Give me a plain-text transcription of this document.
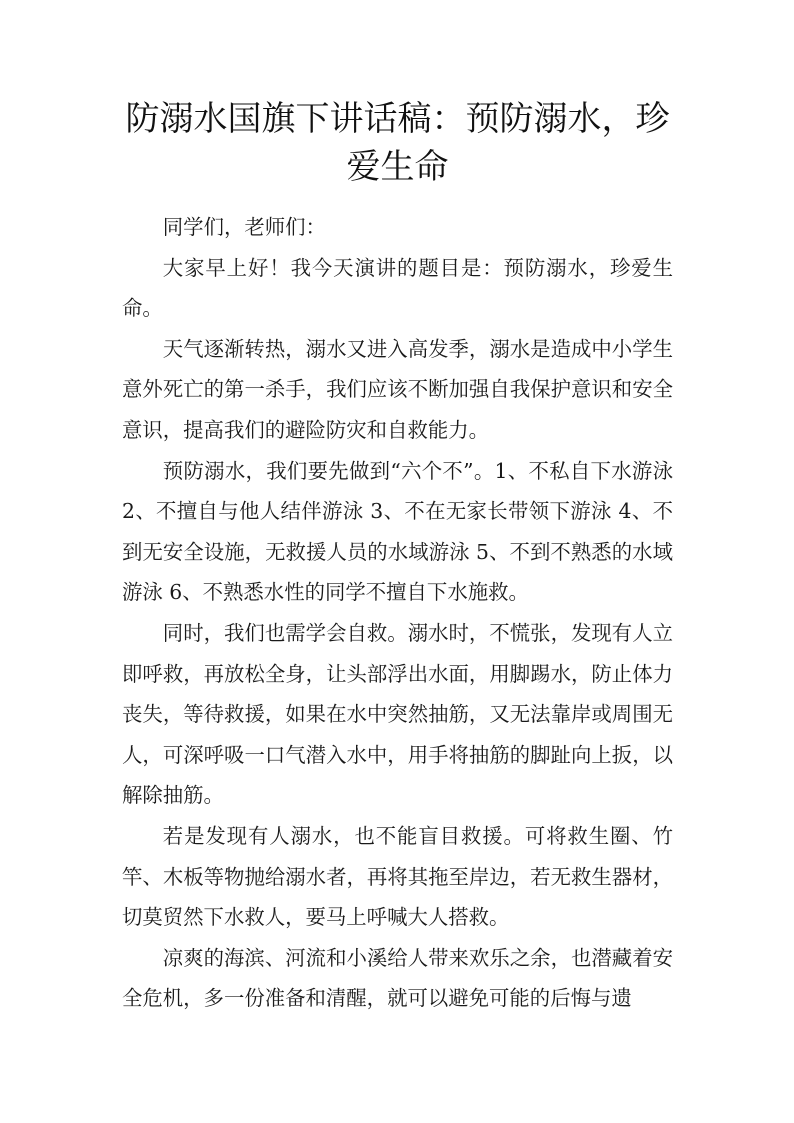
防溺水国旗下讲话稿：预防溺水，珍爱生命

同学们，老师们：

大家早上好！我今天演讲的题目是：预防溺水，珍爱生命。

天气逐渐转热，溺水又进入高发季，溺水是造成中小学生意外死亡的第一杀手，我们应该不断加强自我保护意识和安全意识，提高我们的避险防灾和自救能力。

预防溺水，我们要先做到“六个不”。1、不私自下水游泳 2、不擅自与他人结伴游泳 3、不在无家长带领下游泳 4、不到无安全设施，无救援人员的水域游泳 5、不到不熟悉的水域游泳 6、不熟悉水性的同学不擅自下水施救。

同时，我们也需学会自救。溺水时，不慌张，发现有人立即呼救，再放松全身，让头部浮出水面，用脚踢水，防止体力丧失，等待救援，如果在水中突然抽筋，又无法靠岸或周围无人，可深呼吸一口气潜入水中，用手将抽筋的脚趾向上扳，以解除抽筋。

若是发现有人溺水，也不能盲目救援。可将救生圈、竹竿、木板等物抛给溺水者，再将其拖至岸边，若无救生器材，切莫贸然下水救人，要马上呼喊大人搭救。

凉爽的海滨、河流和小溪给人带来欢乐之余，也潜藏着安全危机，多一份准备和清醒，就可以避免可能的后悔与遗
